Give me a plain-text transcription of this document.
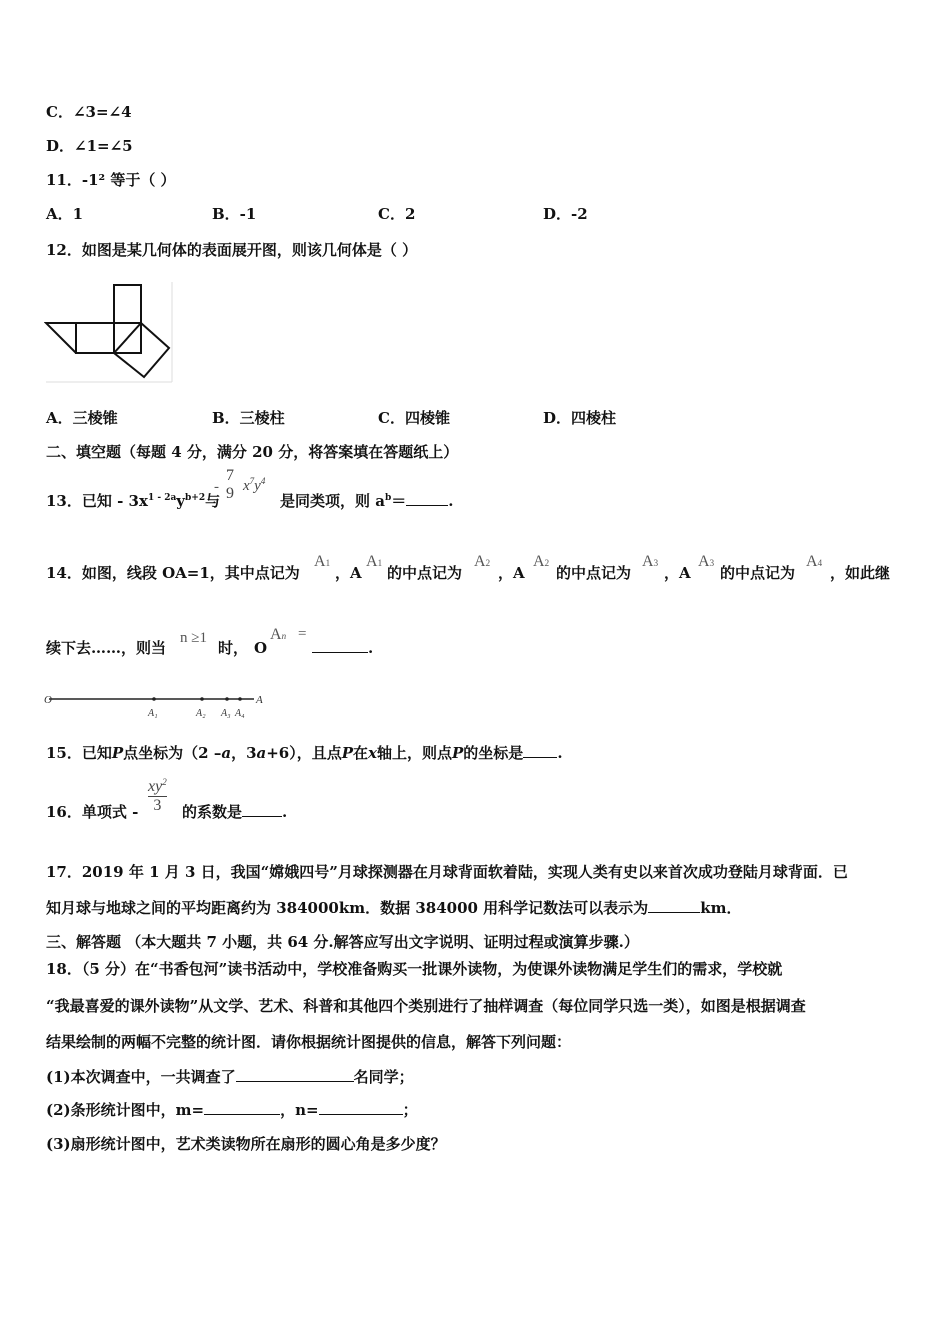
C．∠3=∠4
D．∠1=∠5
11．-1² 等于（ ）
A．1	B．-1	C．2	D．-2
12．如图是某几何体的表面展开图，则该几何体是（ ）
A．三棱锥	B．三棱柱	C．四棱锥	D．四棱柱
二、填空题（每题 4 分，满分 20 分，将答案填在答题纸上）
13．已知 - $3x^{1 - 2a}y^{b+2}$与
-
7
9 $x^7y^4$
是同类项，则 $a^b=$	.
14．如图，线段 OA=1，其中点记为
A1
，A
A1
的中点记为
A2
，A
A2
的中点记为
A3
，A
A3
的中点记为
A4
，如此继
续下去……，则当
n ≥1
时， O
An =
.
O
A₁	A₂ A₃ A₄
A
15．已知P点坐标为（2 –a，3a+6），且点P在x轴上，则点P的坐标是 .
16．单项式 - $\frac{xy^2}{3}$ 的系数是	.
17．2019 年 1 月 3 日，我国“嫦娥四号”月球探测器在月球背面软着陆，实现人类有史以来首次成功登陆月球背面．已
知月球与地球之间的平均距离约为 384000km．数据 384000 用科学记数法可以表示为	km．
三、解答题 （本大题共 7 小题，共 64 分.解答应写出文字说明、证明过程或演算步骤.）
18．（5 分）在“书香包河”读书活动中，学校准备购买一批课外读物，为使课外读物满足学生们的需求，学校就
“我最喜爱的课外读物”从文学、艺术、科普和其他四个类别进行了抽样调查（每位同学只选一类），如图是根据调查
结果绘制的两幅不完整的统计图．请你根据统计图提供的信息，解答下列问题：
(1)本次调查中，一共调查了	名同学；
(2)条形统计图中，m=	，n=	；
(3)扇形统计图中，艺术类读物所在扇形的圆心角是多少度？
